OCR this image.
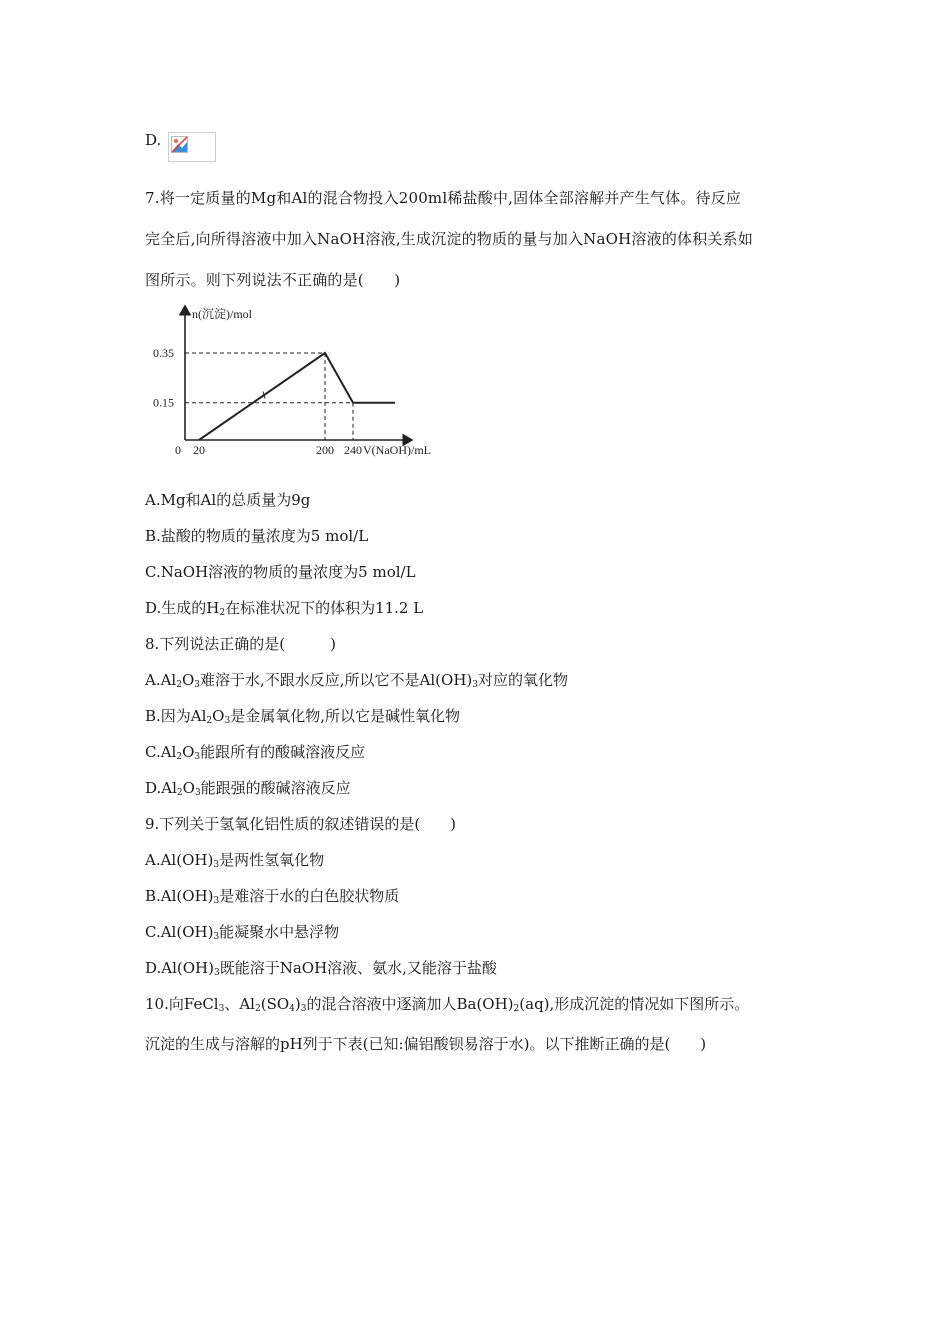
D.
7.将一定质量的Mg和Al的混合物投入200ml稀盐酸中,固体全部溶解并产生气体。待反应
完全后,向所得溶液中加入NaOH溶液,生成沉淀的物质的量与加入NaOH溶液的体积关系如
图所示。则下列说法不正确的是(　　)
n(沉淀)/mol
V(NaOH)/mL
0 20	200 240
0.35
0.15
A.Mg和Al的总质量为9g
B.盐酸的物质的量浓度为5 mol/L
C.NaOH溶液的物质的量浓度为5 mol/L
D.生成的$H_2$在标准状况下的体积为11.2 L
8.下列说法正确的是(　　　)
$A.Al_2O_3$难溶于水,不跟水反应,所以它不是$Al(OH)_3$对应的氧化物
B.因为$Al_2O_3$是金属氧化物,所以它是碱性氧化物
$C.Al_2O_3$能跟所有的酸碱溶液反应
$D.Al_2O_3$能跟强的酸碱溶液反应
9.下列关于氢氧化铝性质的叙述错误的是(　　)
$A.Al(OH)_3$是两性氢氧化物
$B.Al(OH)_3$是难溶于水的白色胶状物质
$C.Al(OH)_3$能凝聚水中悬浮物
$D.Al(OH)_3$既能溶于NaOH溶液、氨水,又能溶于盐酸
10.向FeCl$_3$、$Al_2(SO_4)_3$的混合溶液中逐滴加人$Ba(OH)_2(aq)$,形成沉淀的情况如下图所示。
沉淀的生成与溶解的pH列于下表(已知:偏铝酸钡易溶于水)。以下推断正确的是(　　)
